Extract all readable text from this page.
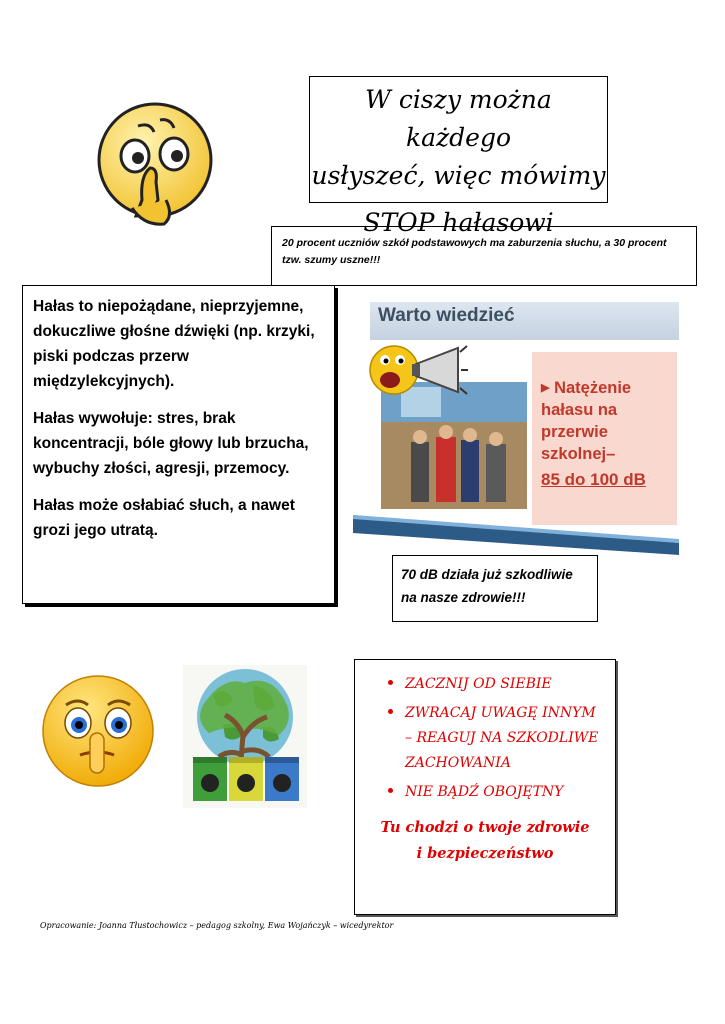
W ciszy można każdego
usłyszeć, więc mówimy

STOP hałasowi
20 procent uczniów szkół podstawowych ma zaburzenia słuchu, a 30 procent tzw. szumy uszne!!!

Hałas to niepożądane, nieprzyjemne, dokuczliwe głośne dźwięki (np. krzyki, piski podczas przerw międzylekcyjnych).

Hałas wywołuje: stres, brak koncentracji, bóle głowy lub brzucha, wybuchy złości, agresji, przemocy.

Hałas może osłabiać słuch, a nawet grozi jego utratą.

Warto wiedzieć
▶ Natężenie hałasu na przerwie szkolnej–
85 do 100 dB
70 dB działa już szkodliwie na nasze zdrowie!!!
• ZACZNIJ OD SIEBIE
• ZWRACAJ UWAGĘ INNYM – REAGUJ NA SZKODLIWE ZACHOWANIA
• NIE BĄDŹ OBOJĘTNY
Tu chodzi o twoje zdrowie
i bezpieczeństwo
Opracowanie: Joanna Tłustochowicz – pedagog szkolny, Ewa Wojańczyk – wicedyrektor
